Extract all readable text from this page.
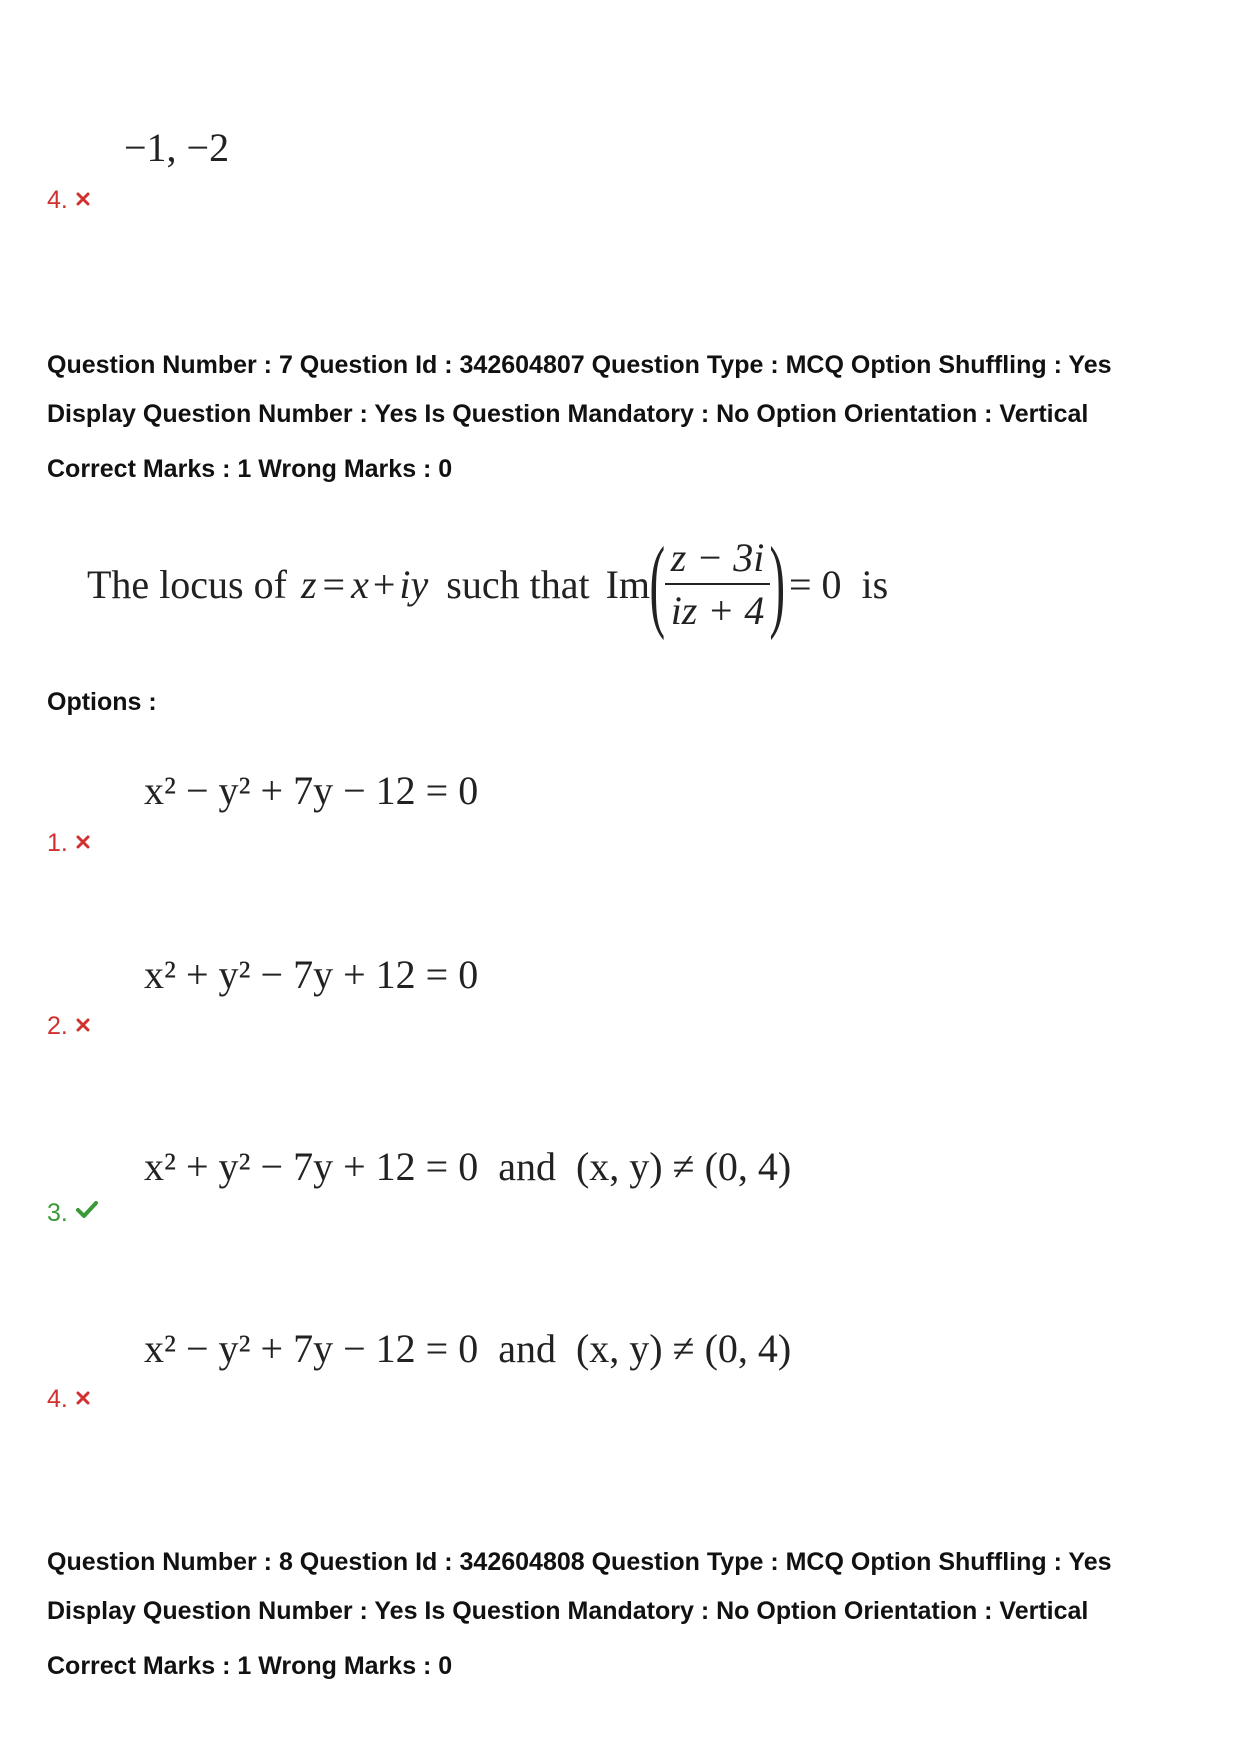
−1, −2
4.
Question Number : 7 Question Id : 342604807 Question Type : MCQ Option Shuffling : Yes
Display Question Number : Yes Is Question Mandatory : No Option Orientation : Vertical
Correct Marks : 1 Wrong Marks : 0
The locus of z = x + iy such that Im ( $\frac{z - 3i}{iz + 4}$ ) = 0  is
Options :
x² − y² + 7y − 12 = 0
1.
x² + y² − 7y + 12 = 0
2.
x² + y² − 7y + 12 = 0  and  (x, y) ≠ (0, 4)
3.
x² − y² + 7y − 12 = 0  and  (x, y) ≠ (0, 4)
4.
Question Number : 8 Question Id : 342604808 Question Type : MCQ Option Shuffling : Yes
Display Question Number : Yes Is Question Mandatory : No Option Orientation : Vertical
Correct Marks : 1 Wrong Marks : 0
